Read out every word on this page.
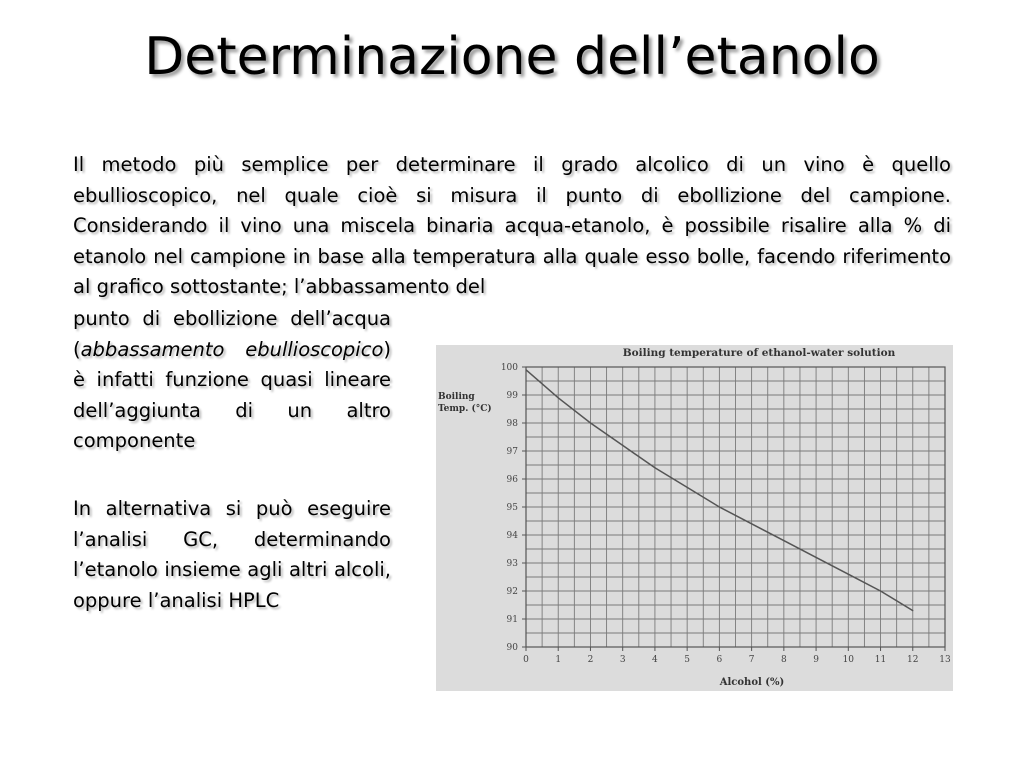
Determinazione dell’etanolo

Il metodo più semplice per determinare il grado alcolico di un vino è quello ebullioscopico, nel quale cioè si misura il punto di ebollizione del campione. Considerando il vino una miscela binaria acqua-etanolo, è possibile risalire alla % di etanolo nel campione in base alla temperatura alla quale esso bolle, facendo riferimento al grafico sottostante; l’abbassamento del

punto di ebollizione dell’acqua (abbassamento ebullioscopico) è infatti funzione quasi lineare dell’aggiunta di un altro componente

In alternativa si può eseguire l’analisi GC, determinando l’etanolo insieme agli altri alcoli, oppure l’analisi HPLC

0	1	2	3	4	5	6	7	8	9	10 11 12 13
90
91
92
93
94
95
96
97
98
99
100
Boiling temperature of ethanol-water solution
Boiling
Temp. (°C)
Alcohol (%)
